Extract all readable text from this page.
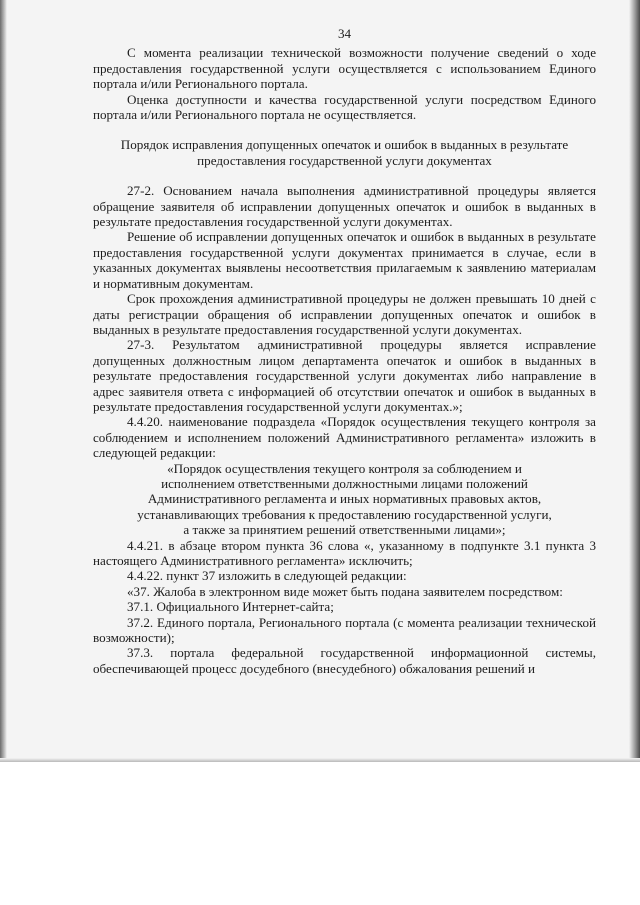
34

С момента реализации технической возможности получение сведений о ходе предоставления государственной услуги осуществляется с использованием Единого портала и/или Регионального портала.

Оценка доступности и качества государственной услуги посредством Единого портала и/или Регионального портала не осуществляется.

Порядок исправления допущенных опечаток и ошибок в выданных в результате предоставления государственной услуги документах

27-2. Основанием начала выполнения административной процедуры является обращение заявителя об исправлении допущенных опечаток и ошибок в выданных в результате предоставления государственной услуги документах.

Решение об исправлении допущенных опечаток и ошибок в выданных в результате предоставления государственной услуги документах принимается в случае, если в указанных документах выявлены несоответствия прилагаемым к заявлению материалам и нормативным документам.

Срок прохождения административной процедуры не должен превышать 10 дней с даты регистрации обращения об исправлении допущенных опечаток и ошибок в выданных в результате предоставления государственной услуги документах.

27-3. Результатом административной процедуры является исправление допущенных должностным лицом департамента опечаток и ошибок в выданных в результате предоставления государственной услуги документах либо направление в адрес заявителя ответа с информацией об отсутствии опечаток и ошибок в выданных в результате предоставления государственной услуги документах.»;

4.4.20. наименование подраздела «Порядок осуществления текущего контроля за соблюдением и исполнением положений Административного регламента» изложить в следующей редакции:

«Порядок осуществления текущего контроля за соблюдением и исполнением ответственными должностными лицами положений Административного регламента и иных нормативных правовых актов, устанавливающих требования к предоставлению государственной услуги, а также за принятием решений ответственными лицами»;

4.4.21. в абзаце втором пункта 36 слова «, указанному в подпункте 3.1 пункта 3 настоящего Административного регламента» исключить;

4.4.22. пункт 37 изложить в следующей редакции:

«37. Жалоба в электронном виде может быть подана заявителем посредством:

37.1. Официального Интернет-сайта;

37.2. Единого портала, Регионального портала (с момента реализации технической возможности);

37.3. портала федеральной государственной информационной системы, обеспечивающей процесс досудебного (внесудебного) обжалования решений и
